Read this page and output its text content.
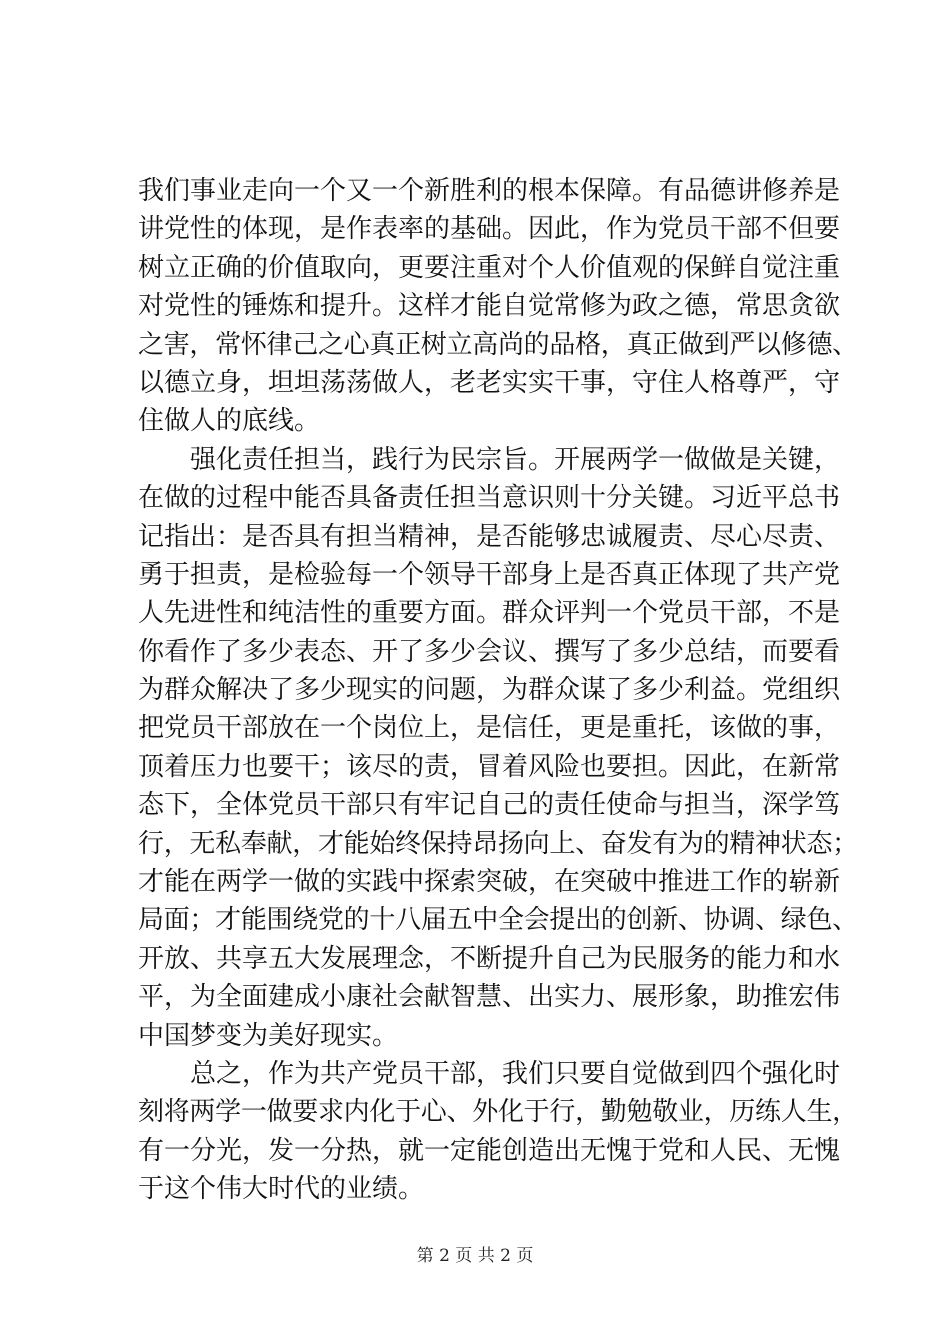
我们事业走向一个又一个新胜利的根本保障。有品德讲修养是
讲党性的体现，是作表率的基础。因此，作为党员干部不但要
树立正确的价值取向，更要注重对个人价值观的保鲜自觉注重
对党性的锤炼和提升。这样才能自觉常修为政之德，常思贪欲
之害，常怀律己之心真正树立高尚的品格，真正做到严以修德、
以德立身，坦坦荡荡做人，老老实实干事，守住人格尊严，守
住做人的底线。
　　强化责任担当，践行为民宗旨。开展两学一做做是关键，
在做的过程中能否具备责任担当意识则十分关键。习近平总书
记指出：是否具有担当精神，是否能够忠诚履责、尽心尽责、
勇于担责，是检验每一个领导干部身上是否真正体现了共产党
人先进性和纯洁性的重要方面。群众评判一个党员干部，不是
你看作了多少表态、开了多少会议、撰写了多少总结，而要看
为群众解决了多少现实的问题，为群众谋了多少利益。党组织
把党员干部放在一个岗位上，是信任，更是重托，该做的事，
顶着压力也要干；该尽的责，冒着风险也要担。因此，在新常
态下，全体党员干部只有牢记自己的责任使命与担当，深学笃
行，无私奉献，才能始终保持昂扬向上、奋发有为的精神状态；
才能在两学一做的实践中探索突破，在突破中推进工作的崭新
局面；才能围绕党的十八届五中全会提出的创新、协调、绿色、
开放、共享五大发展理念，不断提升自己为民服务的能力和水
平，为全面建成小康社会献智慧、出实力、展形象，助推宏伟
中国梦变为美好现实。
　　总之，作为共产党员干部，我们只要自觉做到四个强化时
刻将两学一做要求内化于心、外化于行，勤勉敬业，历练人生，
有一分光，发一分热，就一定能创造出无愧于党和人民、无愧
于这个伟大时代的业绩。
第 2 页 共 2 页
